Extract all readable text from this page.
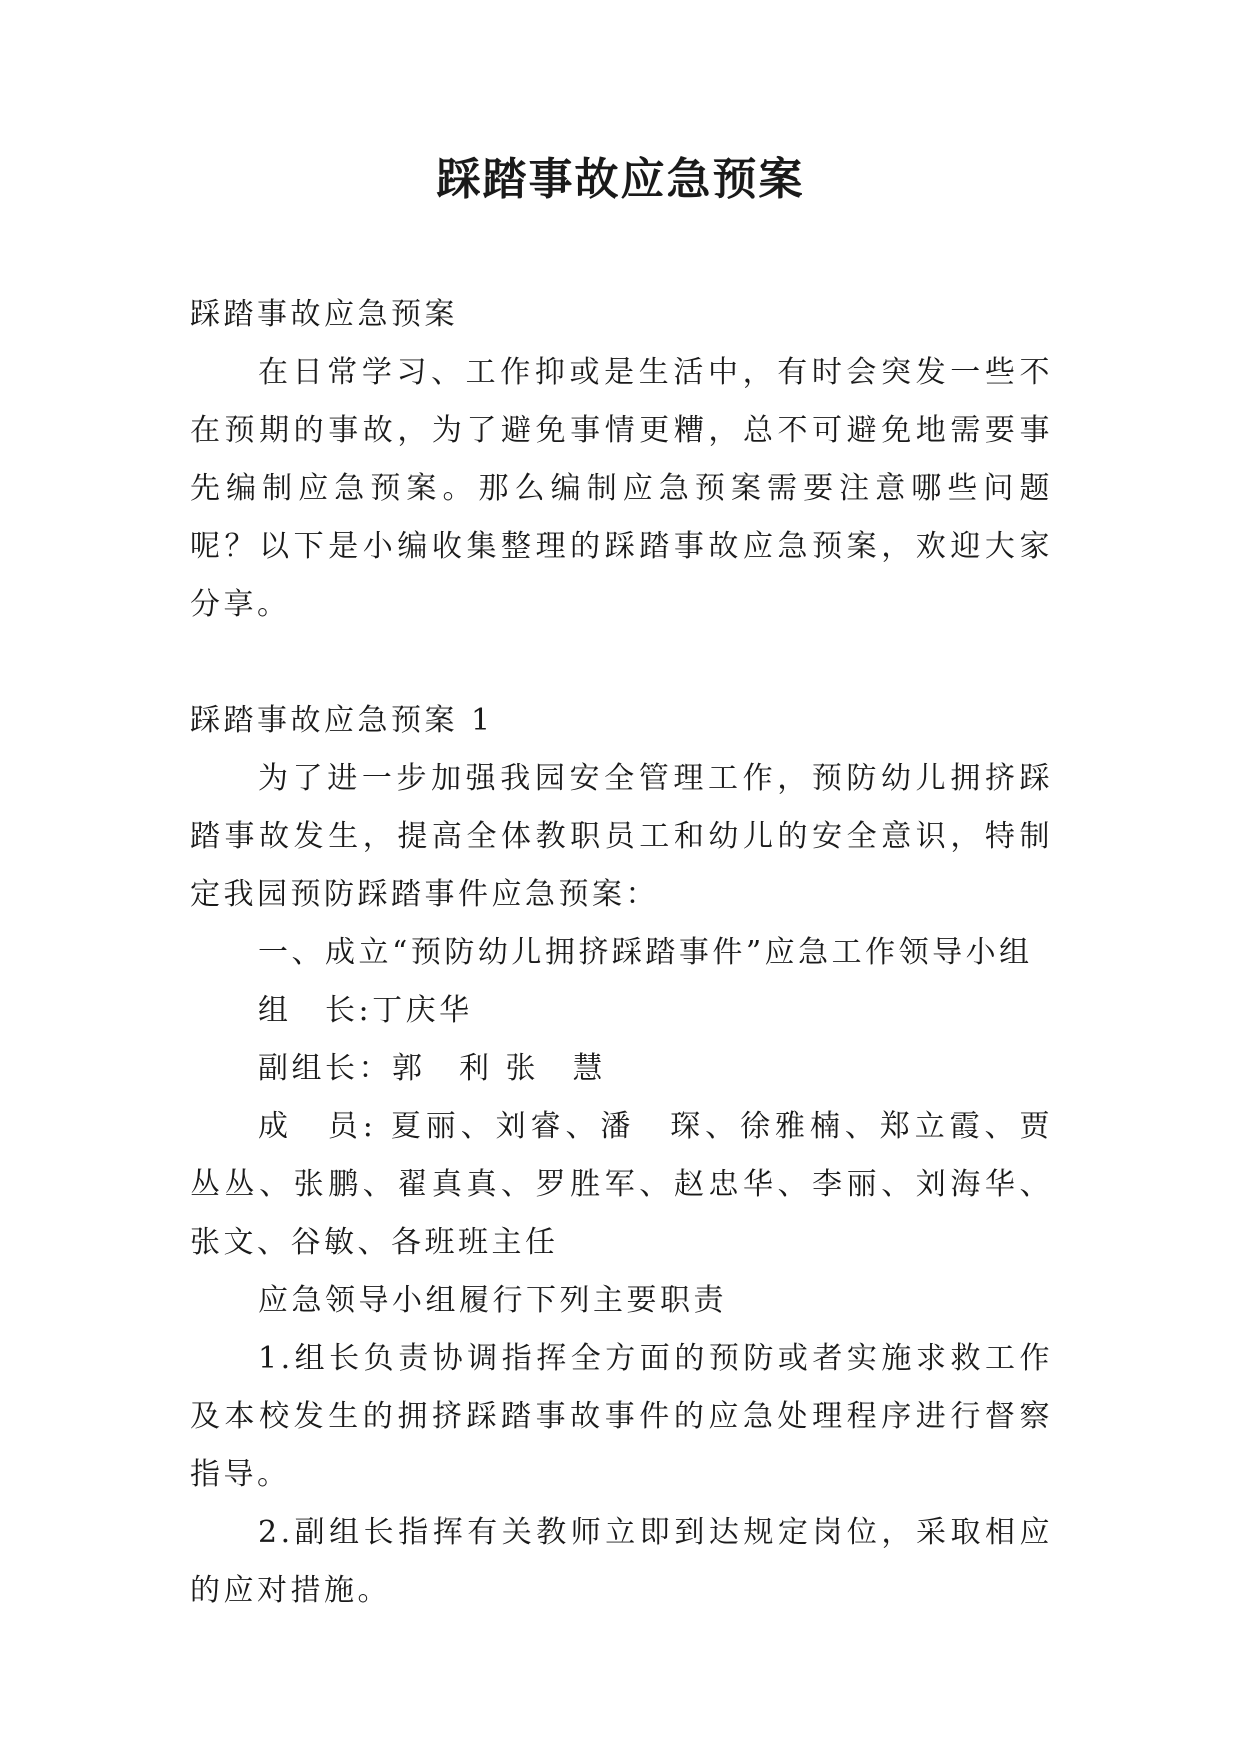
踩踏事故应急预案

踩踏事故应急预案

在日常学习、工作抑或是生活中，有时会突发一些不在预期的事故，为了避免事情更糟，总不可避免地需要事先编制应急预案。那么编制应急预案需要注意哪些问题呢？以下是小编收集整理的踩踏事故应急预案，欢迎大家分享。

踩踏事故应急预案 1

为了进一步加强我园安全管理工作，预防幼儿拥挤踩踏事故发生，提高全体教职员工和幼儿的安全意识，特制定我园预防踩踏事件应急预案：

一、成立“预防幼儿拥挤踩踏事件”应急工作领导小组

组　长:丁庆华

副组长：郭　利 张　慧

成　员: 夏丽、刘睿、潘　琛、徐雅楠、郑立霞、贾丛丛、张鹏、翟真真、罗胜军、赵忠华、李丽、刘海华、张文、谷敏、各班班主任

应急领导小组履行下列主要职责

1.组长负责协调指挥全方面的预防或者实施求救工作及本校发生的拥挤踩踏事故事件的应急处理程序进行督察指导。

2.副组长指挥有关教师立即到达规定岗位，采取相应的应对措施。
